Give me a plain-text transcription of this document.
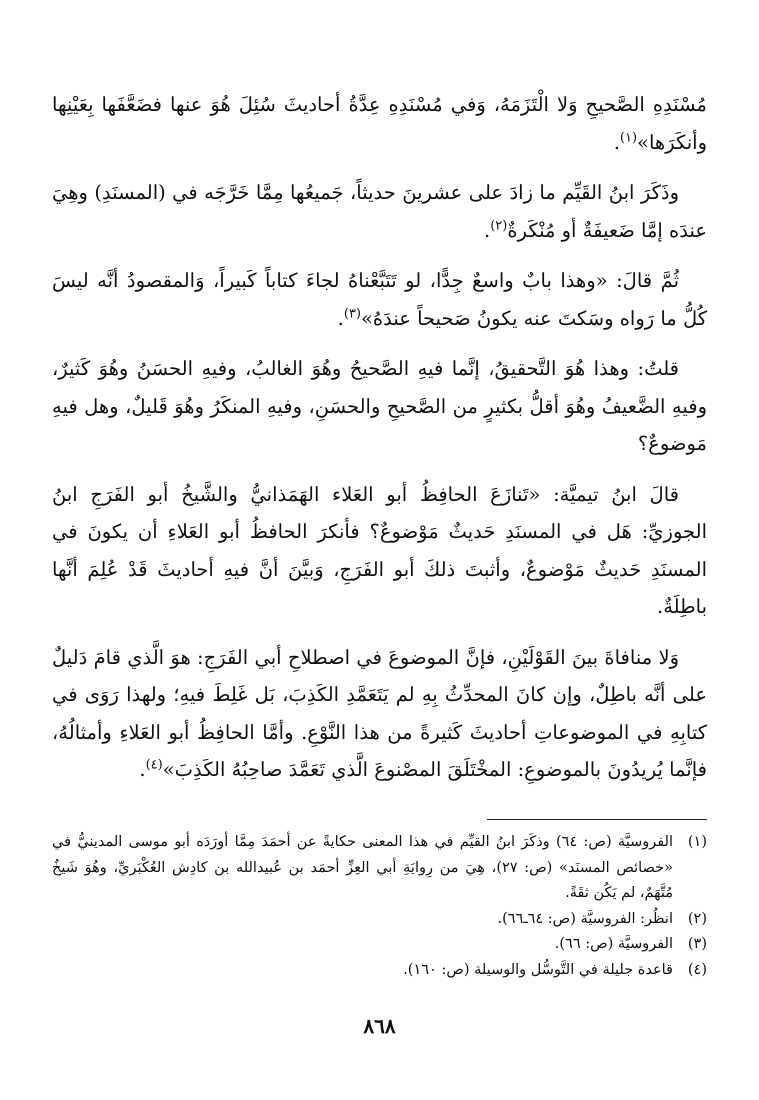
مُسْنَدِهِ الصَّحيحِ وَلا الْتَزَمَهُ، وَفي مُسْنَدِهِ عِدَّةُ أحاديثَ سُئِلَ هُوَ عنها فضَعَّفَها بِعَيْنِها وأنكَرَها»$^{(١)}$.

وذَكَرَ ابنُ القَيِّم ما زادَ على عشرينَ حديثاً، جَميعُها مِمَّا خَرَّجَه في (المسنَدِ) وهِيَ عندَه إمَّا ضَعيفَةٌ أو مُنْكَرةٌ$^{(٢)}$.

ثُمَّ قالَ: «وهذا بابٌ واسعٌ جِدًّا، لو تَتَبَّعْناهُ لجاءَ كتاباً كَبيراً، وَالمقصودُ أنَّه ليسَ كُلُّ ما رَواه وسَكتَ عنه يكونُ صَحيحاً عندَهُ»$^{(٣)}$.

قلتُ: وهذا هُوَ التَّحقيقُ، إنَّما فيهِ الصَّحيحُ وهُوَ الغالبُ، وفيهِ الحسَنُ وهُوَ كَثيرٌ، وفيهِ الضَّعيفُ وهُوَ أقلُّ بكثيرٍ من الصَّحيحِ والحسَنِ، وفيهِ المنكَرُ وهُوَ قَليلٌ، وهل فيهِ مَوضوعٌ؟

قالَ ابنُ تيميَّة: «تَنازَعَ الحافِظُ أبو العَلاء الهَمَذانيُّ والشَّيخُ أبو الفَرَجِ ابنُ الجوزيِّ: هَل في المسنَدِ حَديثٌ مَوْضوعٌ؟ فأنكرَ الحافظُ أبو العَلاءِ أن يكونَ في المسنَدِ حَديثٌ مَوْضوعٌ، وأثبتَ ذلكَ أبو الفَرَجِ، وَبيَّنَ أنَّ فيهِ أحاديثَ قَدْ عُلِمَ أنَّها باطِلَةٌ.

وَلا منافاةَ بينَ القَوْلَيْنِ، فإنَّ الموضوعَ في اصطلاحِ أبي الفَرَجِ: هوَ الَّذي قامَ دَليلٌ على أنَّه باطِلٌ، وإن كانَ المحدِّثُ بِهِ لم يَتَعَمَّدِ الكَذِبَ، بَل غَلِطَ فيهِ؛ ولهذا رَوَى في كتابِهِ في الموضوعاتِ أحاديثَ كَثيرةً من هذا النَّوْعِ. وأمَّا الحافِظُ أبو العَلاءِ وأمثالُهُ، فإنَّما يُريدُونَ بالموضوعِ: المخْتَلَقَ المصْنوعَ الَّذي تَعَمَّدَ صاحِبُهُ الكَذِبَ»$^{(٤)}$.

(١)
الفروسيَّة (ص: ٦٤) وذكَرَ ابنُ القيِّم في هذا المعنى حكايةً عن أحمَدَ مِمَّا أورَدَه أبو موسى المدينيُّ في «خصائص المسنَد» (ص: ٢٧)، هِيَ من رِوايَةِ أبي العِزِّ أحمَد بن عُبيدالله بن كادِش العُكْبَريِّ، وهُوَ شَيخٌ مُتَّهَمٌ، لم يَكُن ثقَةً.
(٢)
انظُر: الفروسيَّة (ص: ٦٤ـ٦٦).
(٣)
الفروسيَّة (ص: ٦٦).
(٤)
قاعدة جليلة في التَّوسُّل والوسيلة (ص: ١٦٠).
٨٦٨
